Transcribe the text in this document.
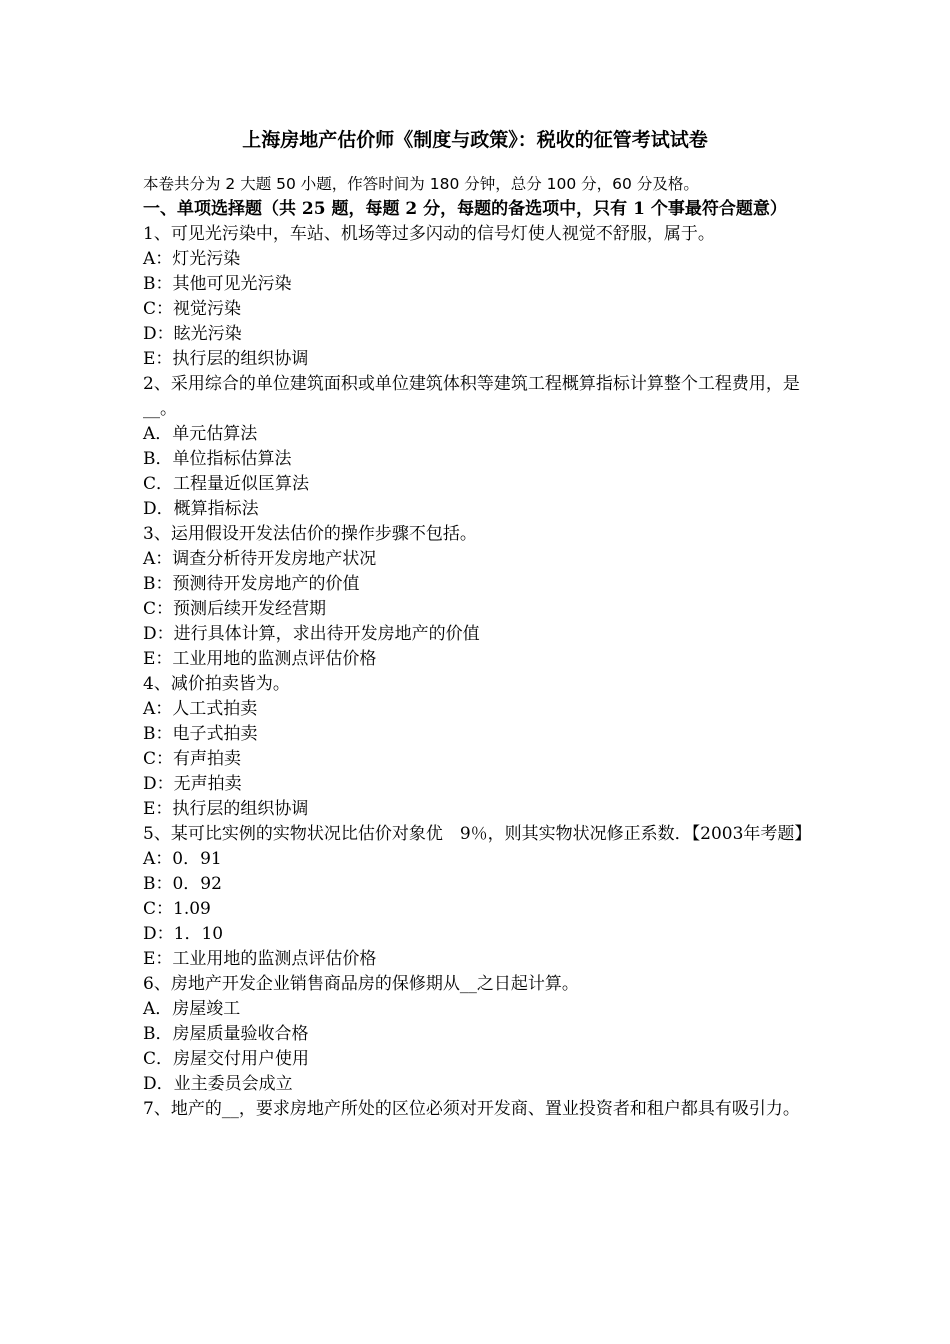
上海房地产估价师《制度与政策》：税收的征管考试试卷
本卷共分为 2 大题 50 小题，作答时间为 180 分钟，总分 100 分，60 分及格。
一、单项选择题（共 25 题，每题 2 分，每题的备选项中，只有 1 个事最符合题意）
1、可见光污染中，车站、机场等过多闪动的信号灯使人视觉不舒服，属于。
A：灯光污染
B：其他可见光污染
C：视觉污染
D：眩光污染
E：执行层的组织协调
2、采用综合的单位建筑面积或单位建筑体积等建筑工程概算指标计算整个工程费用，是__。
A．单元估算法
B．单位指标估算法
C．工程量近似匡算法
D．概算指标法
3、运用假设开发法估价的操作步骤不包括。
A：调查分析待开发房地产状况
B：预测待开发房地产的价值
C：预测后续开发经营期
D：进行具体计算，求出待开发房地产的价值
E：工业用地的监测点评估价格
4、减价拍卖皆为。
A：人工式拍卖
B：电子式拍卖
C：有声拍卖
D：无声拍卖
E：执行层的组织协调
5、某可比实例的实物状况比估价对象优　9％，则其实物状况修正系数．【2003年考题】
A：0．91
B：0．92
C：1.09
D：1．10
E：工业用地的监测点评估价格
6、房地产开发企业销售商品房的保修期从__之日起计算。
A．房屋竣工
B．房屋质量验收合格
C．房屋交付用户使用
D．业主委员会成立
7、地产的__，要求房地产所处的区位必须对开发商、置业投资者和租户都具有吸引力。
